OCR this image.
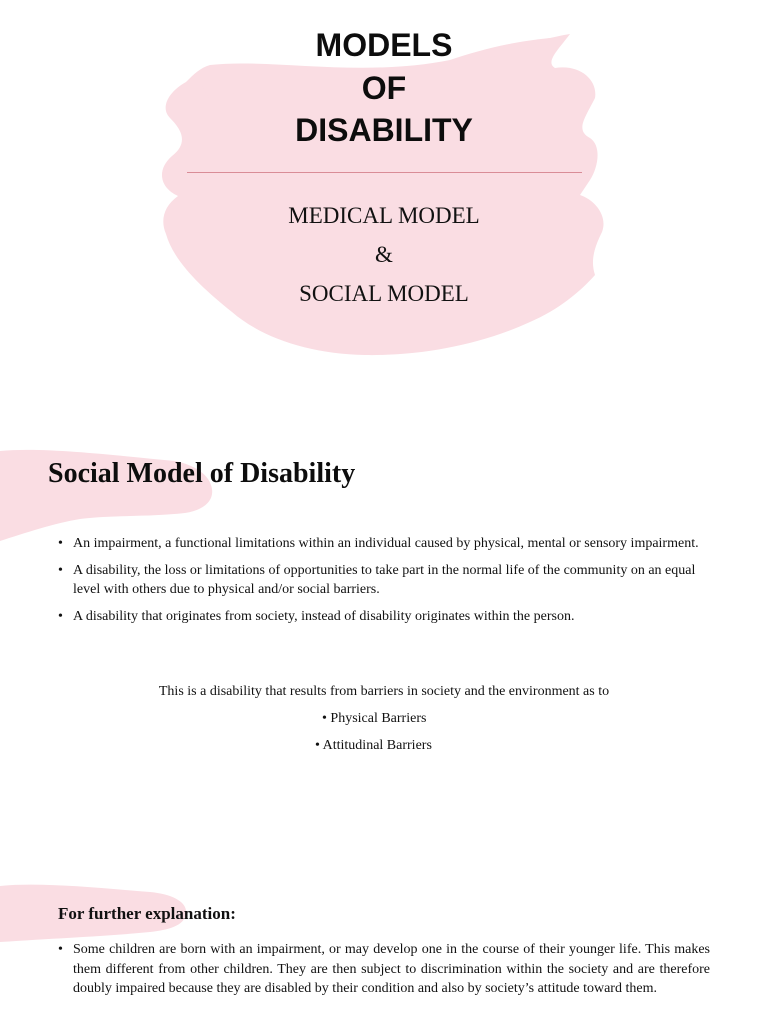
MODELS
OF
DISABILITY
MEDICAL MODEL
&
SOCIAL MODEL
Social Model of Disability
• An impairment, a functional limitations within an individual caused by physical, mental or sensory impairment.
• A disability, the loss or limitations of opportunities to take part in the normal life of the community on an equal level with others due to physical and/or social barriers.
• A disability that originates from society, instead of disability originates within the person.
This is a disability that results from barriers in society and the environment as to
• Physical Barriers
• Attitudinal Barriers
For further explanation:
• Some children are born with an impairment, or may develop one in the course of their younger life. This makes them different from other children. They are then subject to discrimination within the society and are therefore doubly impaired because they are disabled by their condition and also by society’s attitude toward them.
